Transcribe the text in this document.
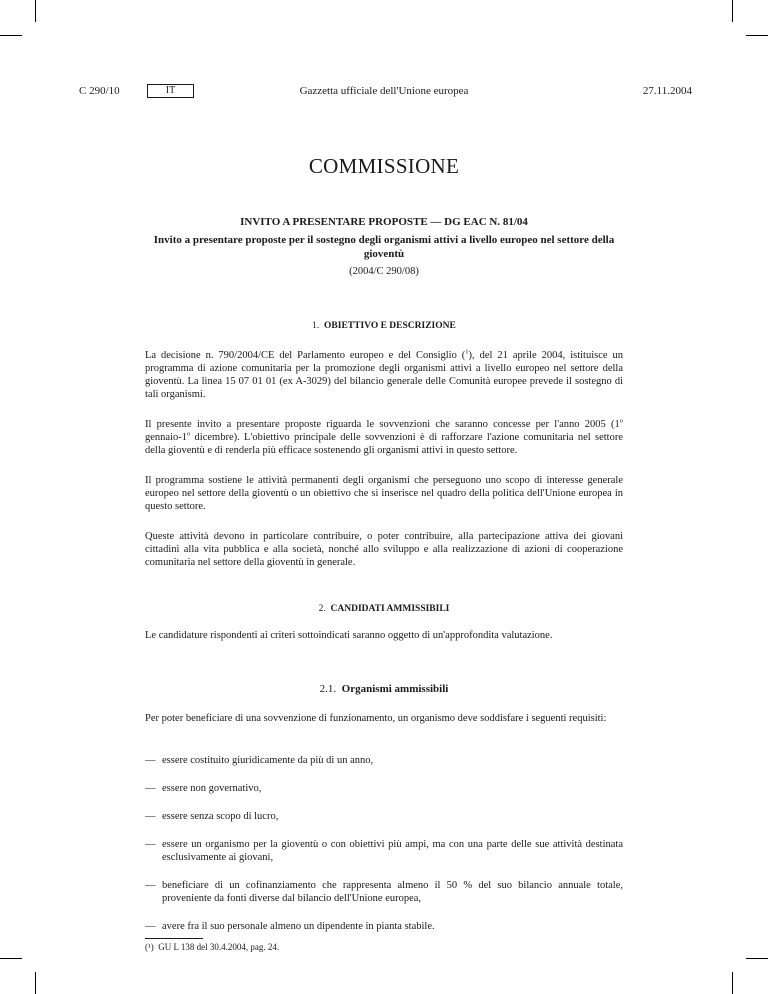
C 290/10	IT	Gazzetta ufficiale dell'Unione europea	27.11.2004
COMMISSIONE
INVITO A PRESENTARE PROPOSTE — DG EAC N. 81/04
Invito a presentare proposte per il sostegno degli organismi attivi a livello europeo nel settore della gioventù
(2004/C 290/08)
1. OBIETTIVO E DESCRIZIONE
La decisione n. 790/2004/CE del Parlamento europeo e del Consiglio ($^1$), del 21 aprile 2004, istituisce un programma di azione comunitaria per la promozione degli organismi attivi a livello europeo nel settore della gioventù. La linea 15 07 01 01 (ex A-3029) del bilancio generale delle Comunità europee prevede il sostegno di tali organismi.
Il presente invito a presentare proposte riguarda le sovvenzioni che saranno concesse per l'anno 2005 (1$^o$ gennaio-1$^o$ dicembre). L'obiettivo principale delle sovvenzioni è di rafforzare l'azione comunitaria nel settore della gioventù e di renderla più efficace sostenendo gli organismi attivi in questo settore.
Il programma sostiene le attività permanenti degli organismi che perseguono uno scopo di interesse generale europeo nel settore della gioventù o un obiettivo che si inserisce nel quadro della politica dell'Unione europea in questo settore.
Queste attività devono in particolare contribuire, o poter contribuire, alla partecipazione attiva dei giovani cittadini alla vita pubblica e alla società, nonché allo sviluppo e alla realizzazione di azioni di cooperazione comunitaria nel settore della gioventù in generale.
2. CANDIDATI AMMISSIBILI
Le candidature rispondenti ai criteri sottoindicati saranno oggetto di un'approfondita valutazione.
2.1. Organismi ammissibili
Per poter beneficiare di una sovvenzione di funzionamento, un organismo deve soddisfare i seguenti requisiti:
— essere costituito giuridicamente da più di un anno,
— essere non governativo,
— essere senza scopo di lucro,
— essere un organismo per la gioventù o con obiettivi più ampi, ma con una parte delle sue attività destinata esclusivamente ai giovani,
— beneficiare di un cofinanziamento che rappresenta almeno il 50 % del suo bilancio annuale totale, proveniente da fonti diverse dal bilancio dell'Unione europea,
— avere fra il suo personale almeno un dipendente in pianta stabile.
(¹) GU L 138 del 30.4.2004, pag. 24.
